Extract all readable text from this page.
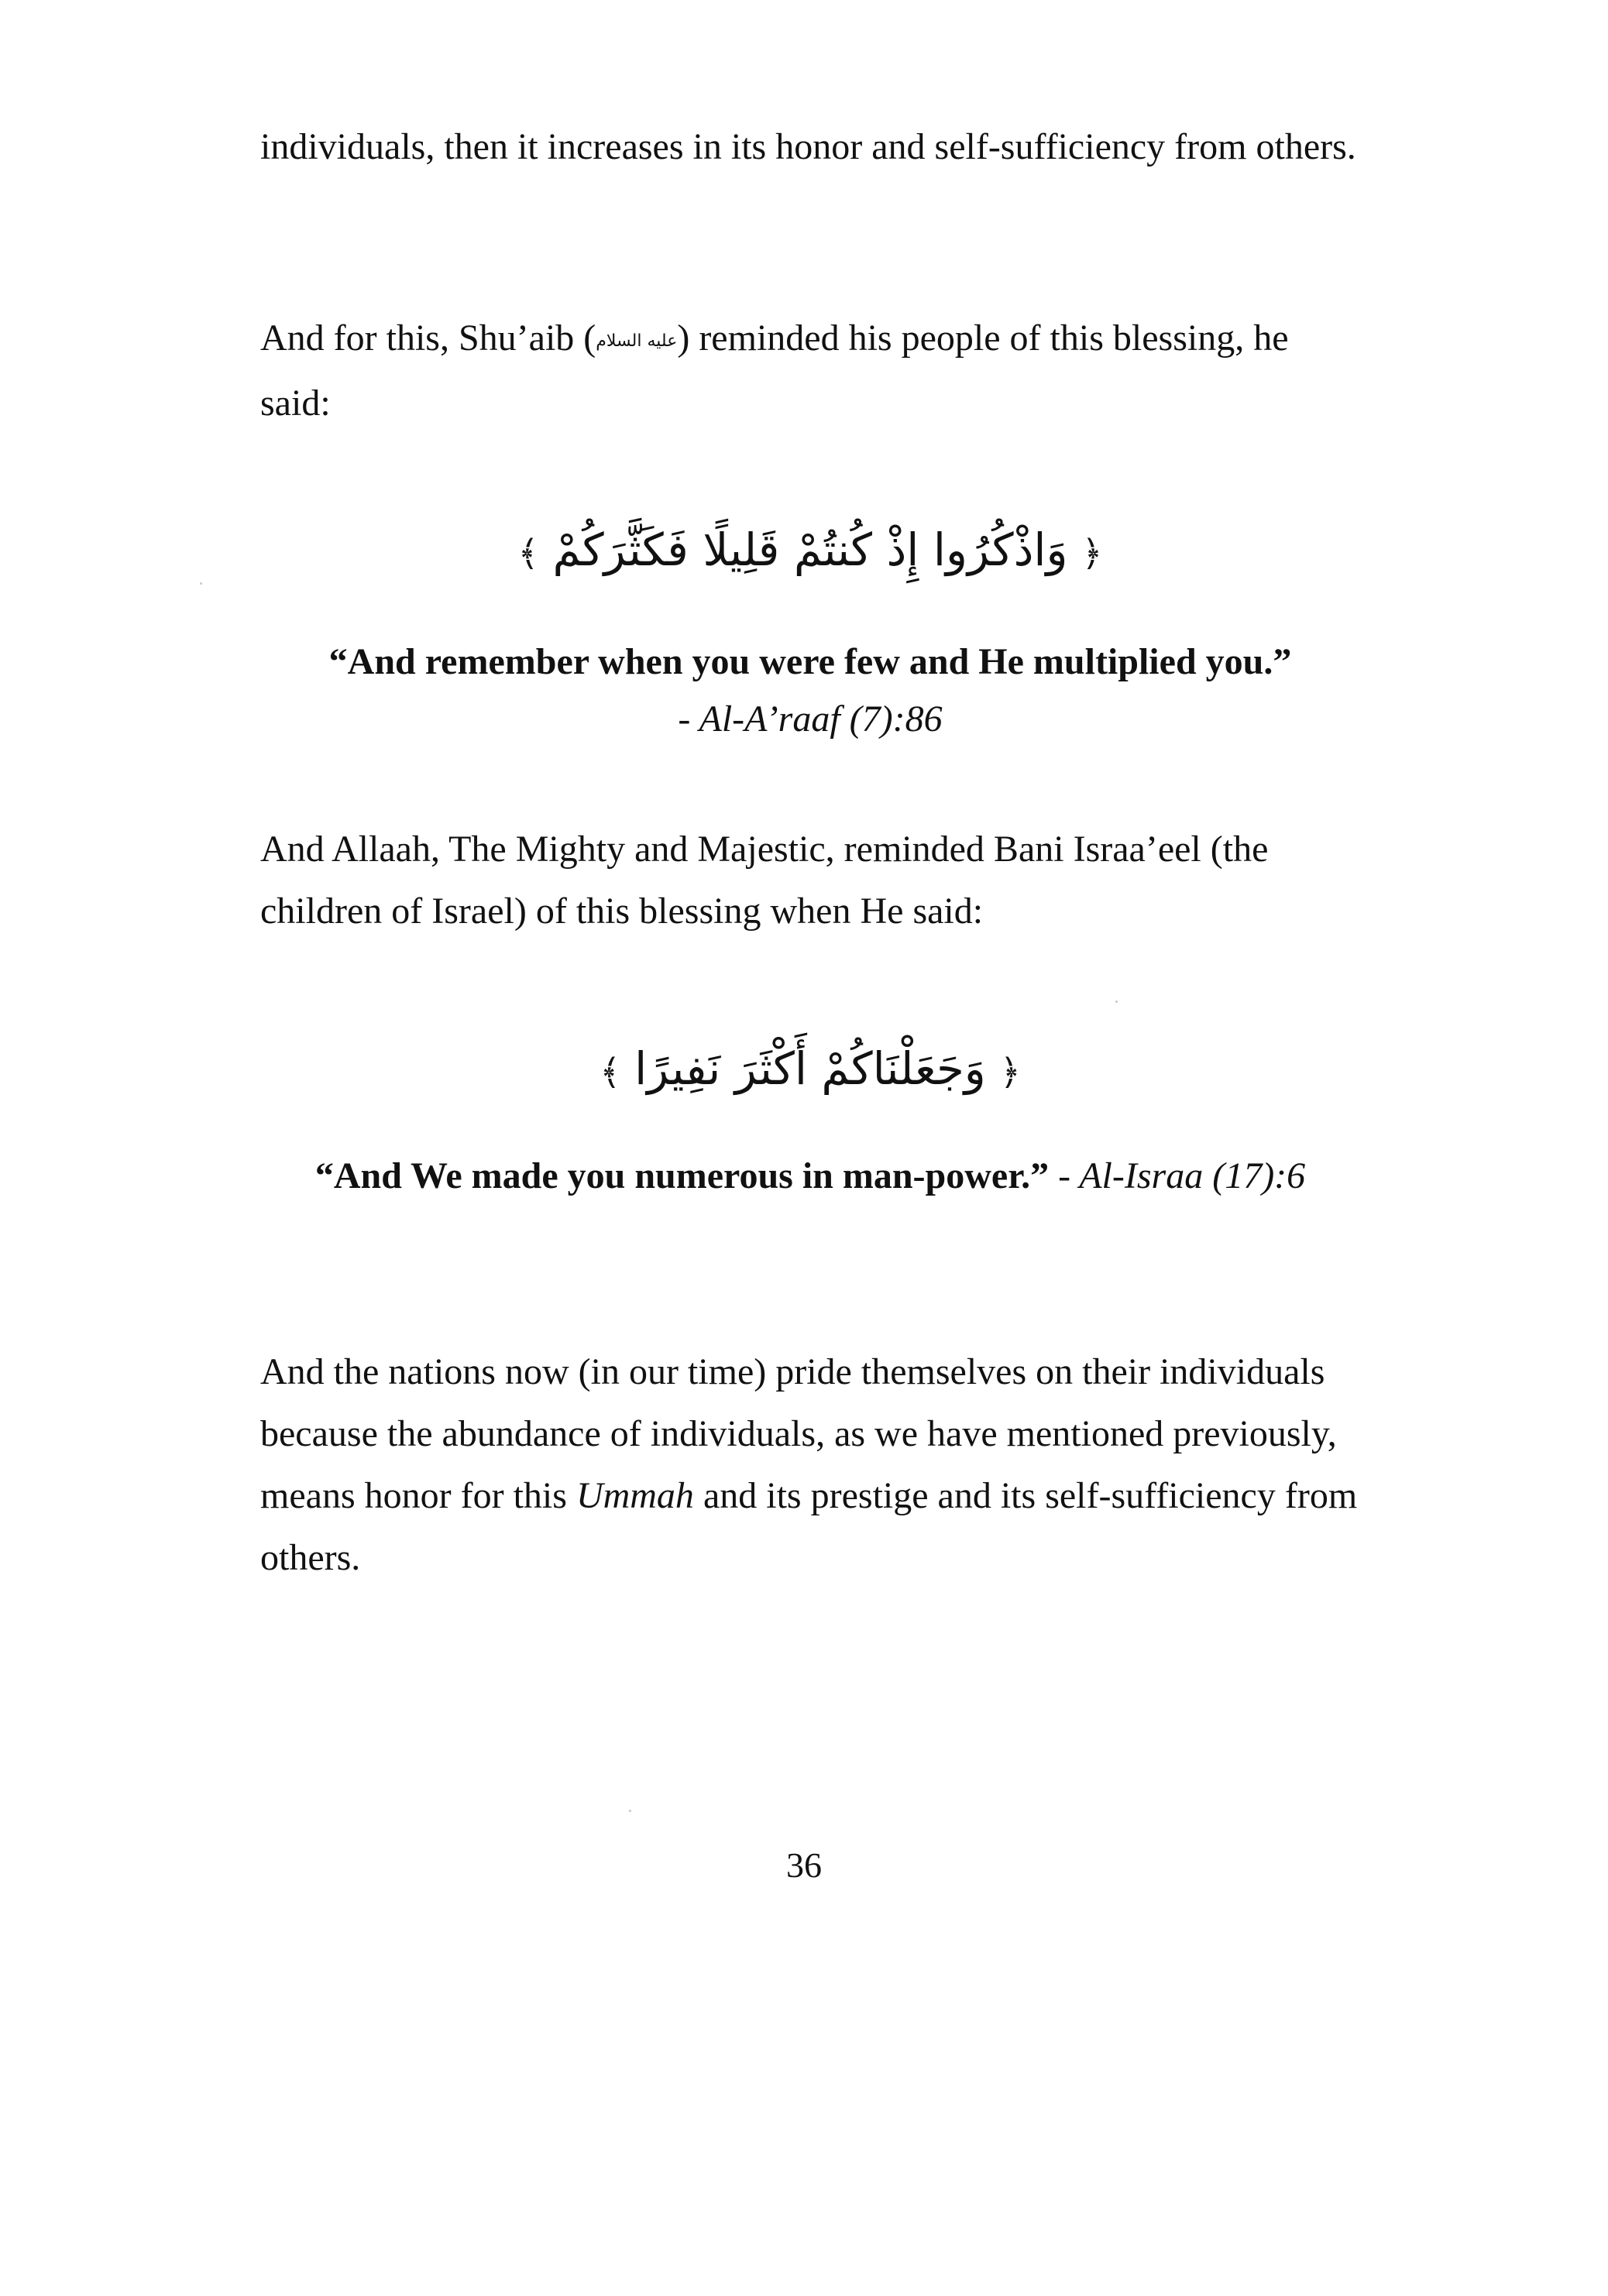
individuals, then it increases in its honor and self-sufficiency from others.

And for this, Shu’aib (عليه السلام) reminded his people of this blessing, he said:

﴿وَاذْكُرُوا إِذْ كُنتُمْ قَلِيلًا فَكَثَّرَكُمْ﴾

“And remember when you were few and He multiplied you.”
- Al-A’raaf (7):86

And Allaah, The Mighty and Majestic, reminded Bani Israa’eel (the children of Israel) of this blessing when He said:

﴿وَجَعَلْنَاكُمْ أَكْثَرَ نَفِيرًا﴾

“And We made you numerous in man-power.” - Al-Israa (17):6

And the nations now (in our time) pride themselves on their individuals because the abundance of individuals, as we have mentioned previously, means honor for this Ummah and its prestige and its self-sufficiency from others.

36
